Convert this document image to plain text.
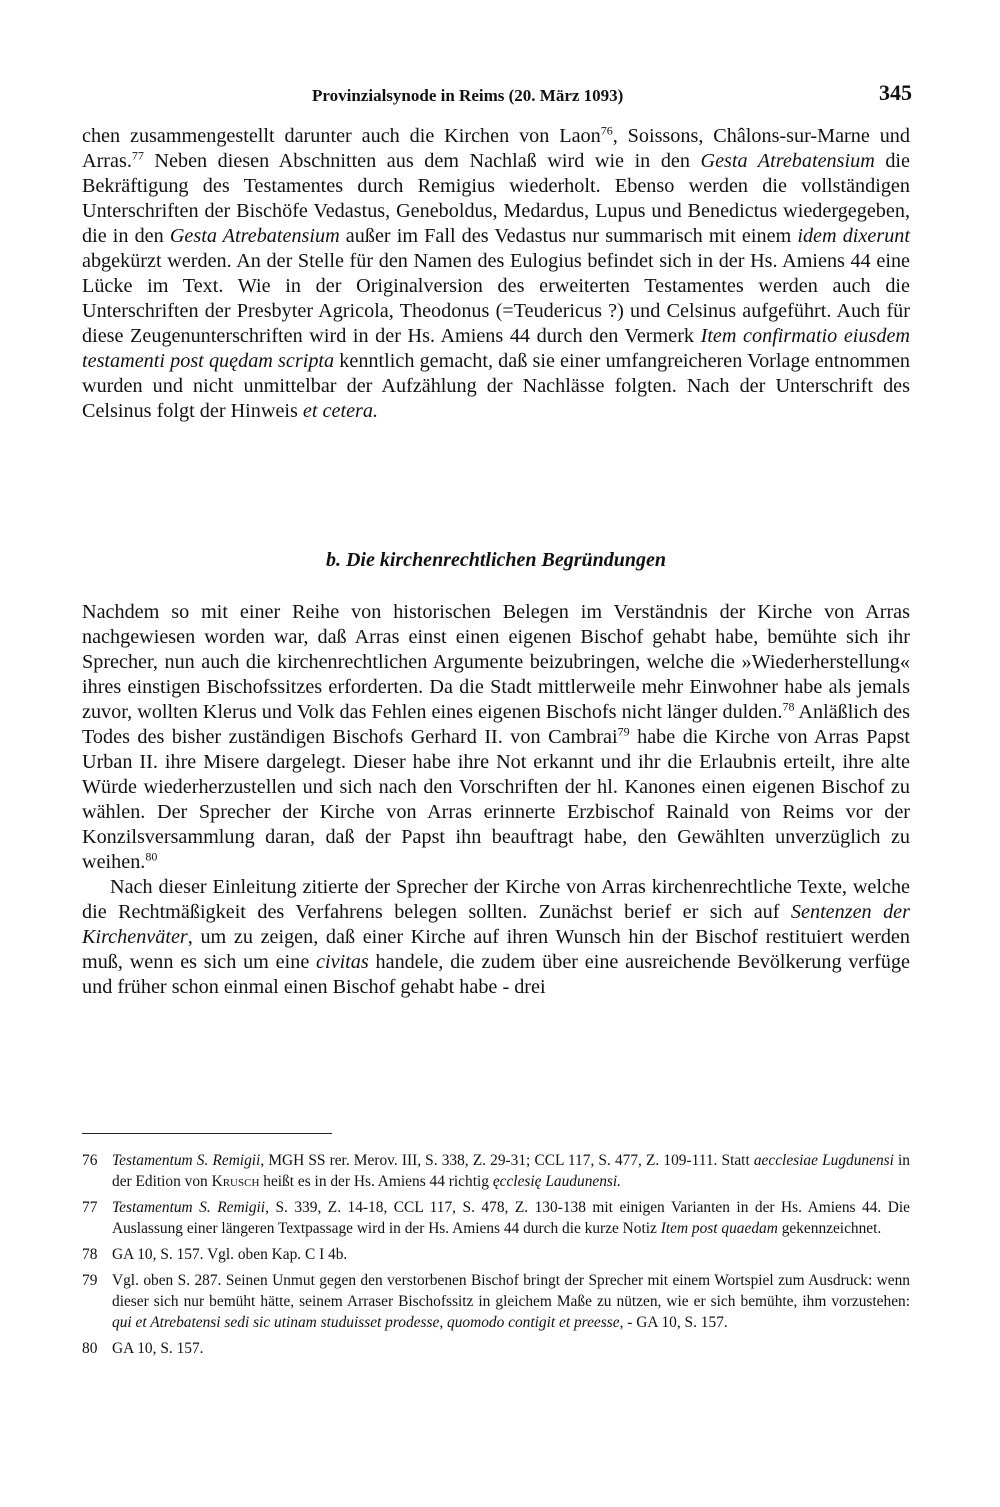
Provinzialsynode in Reims (20. März 1093)	345

chen zusammengestellt darunter auch die Kirchen von Laon$^{76}$, Soissons, Châlons-sur-Marne und Arras.$^{77}$ Neben diesen Abschnitten aus dem Nachlaß wird wie in den Gesta Atrebatensium die Bekräftigung des Testamentes durch Remigius wiederholt. Ebenso werden die vollständigen Unterschriften der Bischöfe Vedastus, Geneboldus, Medardus, Lupus und Benedictus wiedergegeben, die in den Gesta Atrebatensium außer im Fall des Vedastus nur summarisch mit einem idem dixerunt abgekürzt werden. An der Stelle für den Namen des Eulogius befindet sich in der Hs. Amiens 44 eine Lücke im Text. Wie in der Originalversion des erweiterten Testamentes werden auch die Unterschriften der Presbyter Agricola, Theodonus (=Teudericus ?) und Celsinus aufgeführt. Auch für diese Zeugenunterschriften wird in der Hs. Amiens 44 durch den Vermerk Item confirmatio eiusdem testamenti post quędam scripta kenntlich gemacht, daß sie einer umfangreicheren Vorlage entnommen wurden und nicht unmittelbar der Aufzählung der Nachlässe folgten. Nach der Unterschrift des Celsinus folgt der Hinweis et cetera.

b. Die kirchenrechtlichen Begründungen

Nachdem so mit einer Reihe von historischen Belegen im Verständnis der Kirche von Arras nachgewiesen worden war, daß Arras einst einen eigenen Bischof gehabt habe, bemühte sich ihr Sprecher, nun auch die kirchenrechtlichen Argumente beizubringen, welche die »Wiederherstellung« ihres einstigen Bischofssitzes erforderten. Da die Stadt mittlerweile mehr Einwohner habe als jemals zuvor, wollten Klerus und Volk das Fehlen eines eigenen Bischofs nicht länger dulden.$^{78}$ Anläßlich des Todes des bisher zuständigen Bischofs Gerhard II. von Cambrai$^{79}$ habe die Kirche von Arras Papst Urban II. ihre Misere dargelegt. Dieser habe ihre Not erkannt und ihr die Erlaubnis erteilt, ihre alte Würde wiederherzustellen und sich nach den Vorschriften der hl. Kanones einen eigenen Bischof zu wählen. Der Sprecher der Kirche von Arras erinnerte Erzbischof Rainald von Reims vor der Konzilsversammlung daran, daß der Papst ihn beauftragt habe, den Gewählten unverzüglich zu weihen.$^{80}$

Nach dieser Einleitung zitierte der Sprecher der Kirche von Arras kirchenrechtliche Texte, welche die Rechtmäßigkeit des Verfahrens belegen sollten. Zunächst berief er sich auf Sentenzen der Kirchenväter, um zu zeigen, daß einer Kirche auf ihren Wunsch hin der Bischof restituiert werden muß, wenn es sich um eine civitas handele, die zudem über eine ausreichende Bevölkerung verfüge und früher schon einmal einen Bischof gehabt habe - drei

76 Testamentum S. Remigii, MGH SS rer. Merov. III, S. 338, Z. 29-31; CCL 117, S. 477, Z. 109-111. Statt aecclesiae Lugdunensi in der Edition von Krusch heißt es in der Hs. Amiens 44 richtig ęcclesię Laudunensi.
77 Testamentum S. Remigii, S. 339, Z. 14-18, CCL 117, S. 478, Z. 130-138 mit einigen Varianten in der Hs. Amiens 44. Die Auslassung einer längeren Textpassage wird in der Hs. Amiens 44 durch die kurze Notiz Item post quaedam gekennzeichnet.
78 GA 10, S. 157. Vgl. oben Kap. C I 4b.
79 Vgl. oben S. 287. Seinen Unmut gegen den verstorbenen Bischof bringt der Sprecher mit einem Wortspiel zum Ausdruck: wenn dieser sich nur bemüht hätte, seinem Arraser Bischofssitz in gleichem Maße zu nützen, wie er sich bemühte, ihm vorzustehen: qui et Atrebatensi sedi sic utinam studuisset prodesse, quomodo contigit et preesse, - GA 10, S. 157.
80 GA 10, S. 157.
